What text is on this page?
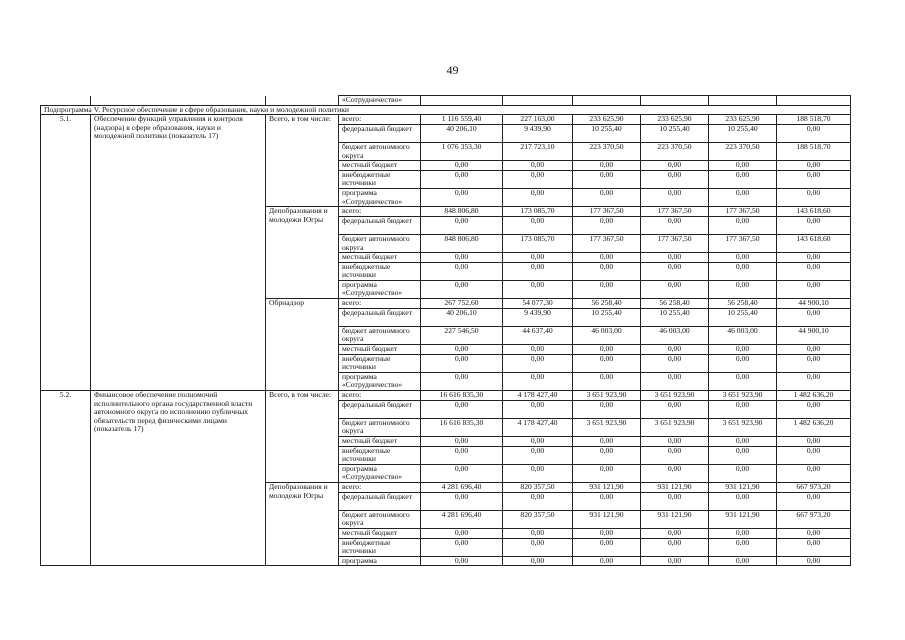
49
			«Сотрудничество»						
Подпрограмма V. Ресурсное обеспечение в сфере образования, науки и молодежной политики									
5.1.	Обеспечение функций управления и контроля (надзора) в сфере образования, науки и молодежной политики (показатель 17)	Всего, в том числе:	всего:	1 116 559,40	227 163,00	233 625,90	233 625,90	233 625,90	188 518,70
			федеральный бюджет	40 206,10	9 439,90	10 255,40	10 255,40	10 255,40	0,00
			бюджет автономного округа	1 076 353,30	217 723,10	223 370,50	223 370,50	223 370,50	188 518,70
			местный бюджет	0,00	0,00	0,00	0,00	0,00	0,00
			внебюджетные источники	0,00	0,00	0,00	0,00	0,00	0,00
			программа «Сотрудничество»	0,00	0,00	0,00	0,00	0,00	0,00
		Депобразования и молодежи Югры	всего:	848 806,80	173 085,70	177 367,50	177 367,50	177 367,50	143 618,60
			федеральный бюджет	0,00	0,00	0,00	0,00	0,00	0,00
			бюджет автономного округа	848 806,80	173 085,70	177 367,50	177 367,50	177 367,50	143 618,60
			местный бюджет	0,00	0,00	0,00	0,00	0,00	0,00
			внебюджетные источники	0,00	0,00	0,00	0,00	0,00	0,00
			программа «Сотрудничество»	0,00	0,00	0,00	0,00	0,00	0,00
		Обрнадзор	всего:	267 752,60	54 077,30	56 258,40	56 258,40	56 258,40	44 900,10
			федеральный бюджет	40 206,10	9 439,90	10 255,40	10 255,40	10 255,40	0,00
			бюджет автономного округа	227 546,50	44 637,40	46 003,00	46 003,00	46 003,00	44 900,10
			местный бюджет	0,00	0,00	0,00	0,00	0,00	0,00
			внебюджетные источники	0,00	0,00	0,00	0,00	0,00	0,00
			программа «Сотрудничество»	0,00	0,00	0,00	0,00	0,00	0,00
5.2.	Финансовое обеспечение полномочий исполнительного органа государственной власти автономного округа по исполнению публичных обязательств перед физическими лицами (показатель 17)	Всего, в том числе:	всего:	16 616 835,30	4 178 427,40	3 651 923,90	3 651 923,90	3 651 923,90	1 482 636,20
			федеральный бюджет	0,00	0,00	0,00	0,00	0,00	0,00
			бюджет автономного округа	16 616 835,30	4 178 427,40	3 651 923,90	3 651 923,90	3 651 923,90	1 482 636,20
			местный бюджет	0,00	0,00	0,00	0,00	0,00	0,00
			внебюджетные источники	0,00	0,00	0,00	0,00	0,00	0,00
			программа «Сотрудничество»	0,00	0,00	0,00	0,00	0,00	0,00
		Депобразования и молодежи Югры	всего:	4 281 696,40	820 357,50	931 121,90	931 121,90	931 121,90	667 973,20
			федеральный бюджет	0,00	0,00	0,00	0,00	0,00	0,00
			бюджет автономного округа	4 281 696,40	820 357,50	931 121,90	931 121,90	931 121,90	667 973,20
			местный бюджет	0,00	0,00	0,00	0,00	0,00	0,00
			внебюджетные источники	0,00	0,00	0,00	0,00	0,00	0,00
			программа	0,00	0,00	0,00	0,00	0,00	0,00
